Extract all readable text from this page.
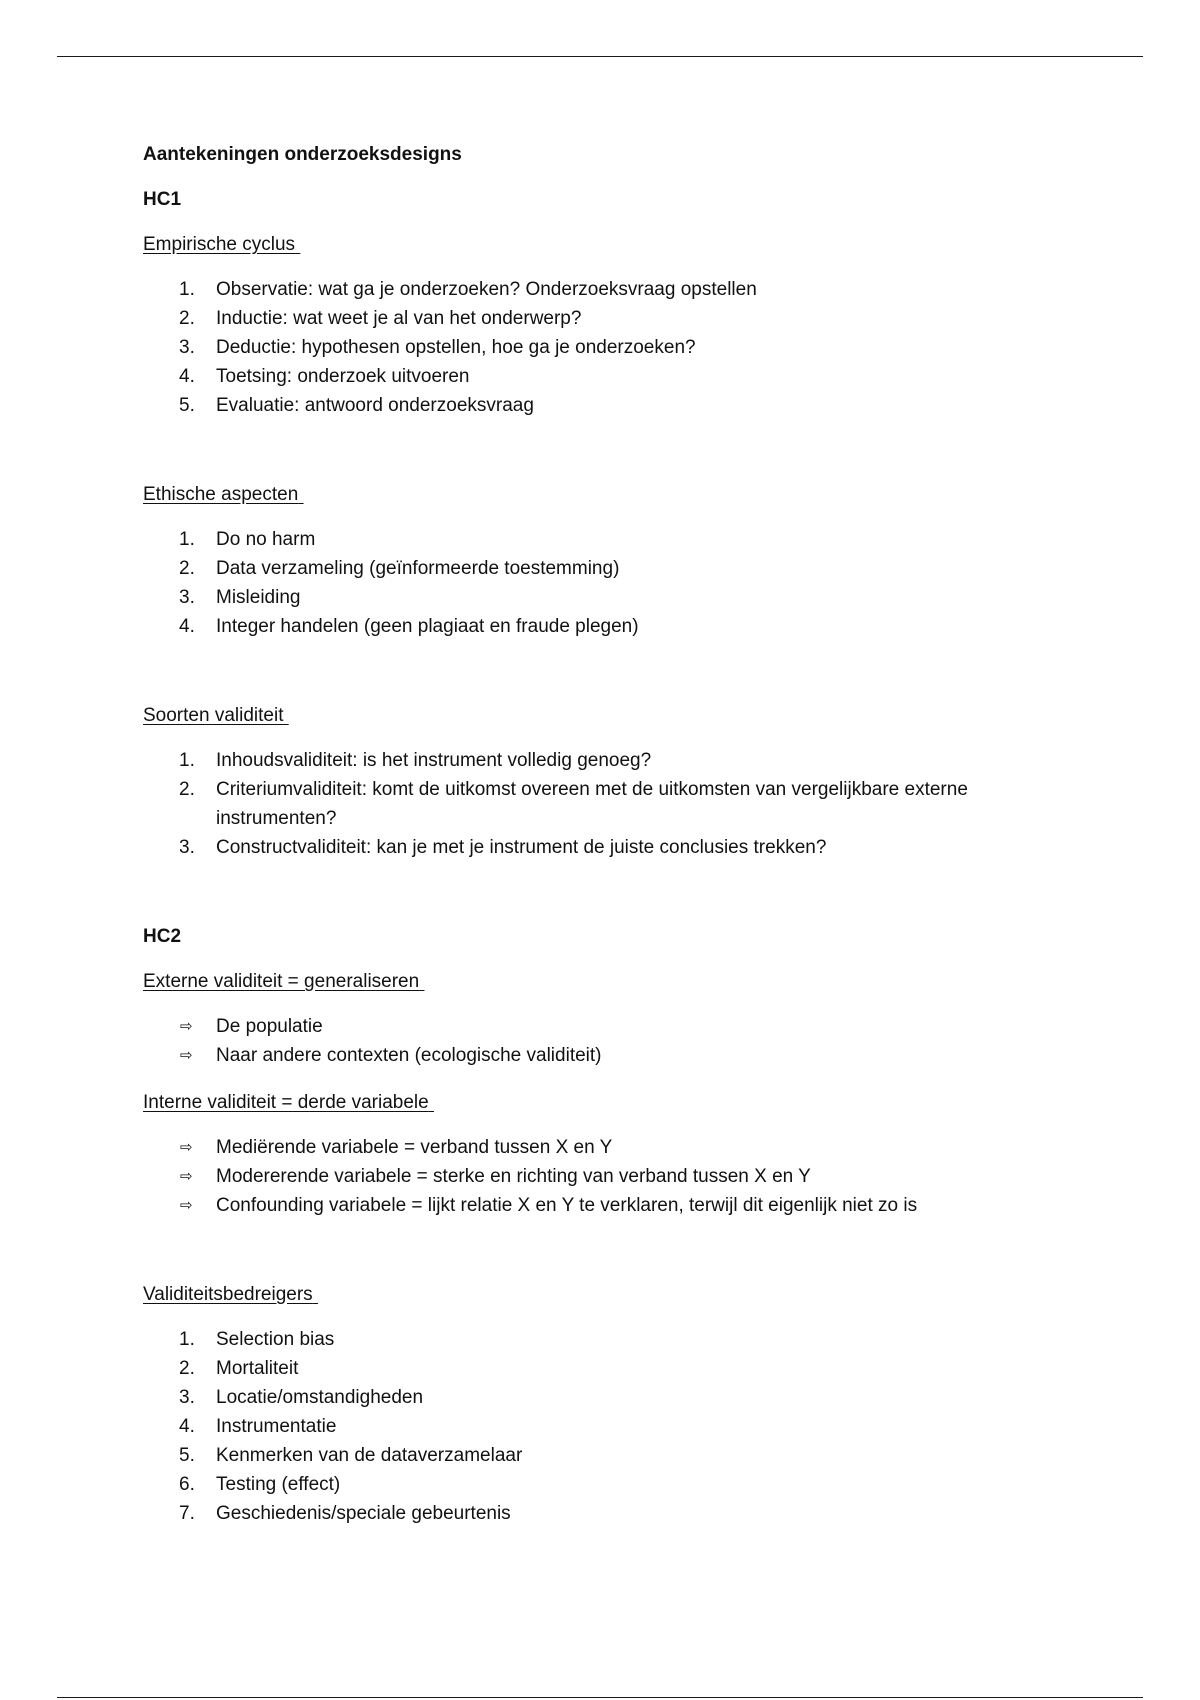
Aantekeningen onderzoeksdesigns
HC1
Empirische cyclus
1.	Observatie: wat ga je onderzoeken? Onderzoeksvraag opstellen
2.	Inductie: wat weet je al van het onderwerp?
3.	Deductie: hypothesen opstellen, hoe ga je onderzoeken?
4.	Toetsing: onderzoek uitvoeren
5.	Evaluatie: antwoord onderzoeksvraag
Ethische aspecten
1.	Do no harm
2.	Data verzameling (geïnformeerde toestemming)
3.	Misleiding
4.	Integer handelen (geen plagiaat en fraude plegen)
Soorten validiteit
1.	Inhoudsvaliditeit: is het instrument volledig genoeg?
2.	Criteriumvaliditeit: komt de uitkomst overeen met de uitkomsten van vergelijkbare externe instrumenten?
3.	Constructvaliditeit: kan je met je instrument de juiste conclusies trekken?
HC2
Externe validiteit = generaliseren
⇨ De populatie
⇨ Naar andere contexten (ecologische validiteit)
Interne validiteit = derde variabele
⇨ Mediërende variabele = verband tussen X en Y
⇨ Modererende variabele = sterke en richting van verband tussen X en Y
⇨ Confounding variabele = lijkt relatie X en Y te verklaren, terwijl dit eigenlijk niet zo is
Validiteitsbedreigers
1.	Selection bias
2.	Mortaliteit
3.	Locatie/omstandigheden
4.	Instrumentatie
5.	Kenmerken van de dataverzamelaar
6.	Testing (effect)
7.	Geschiedenis/speciale gebeurtenis
